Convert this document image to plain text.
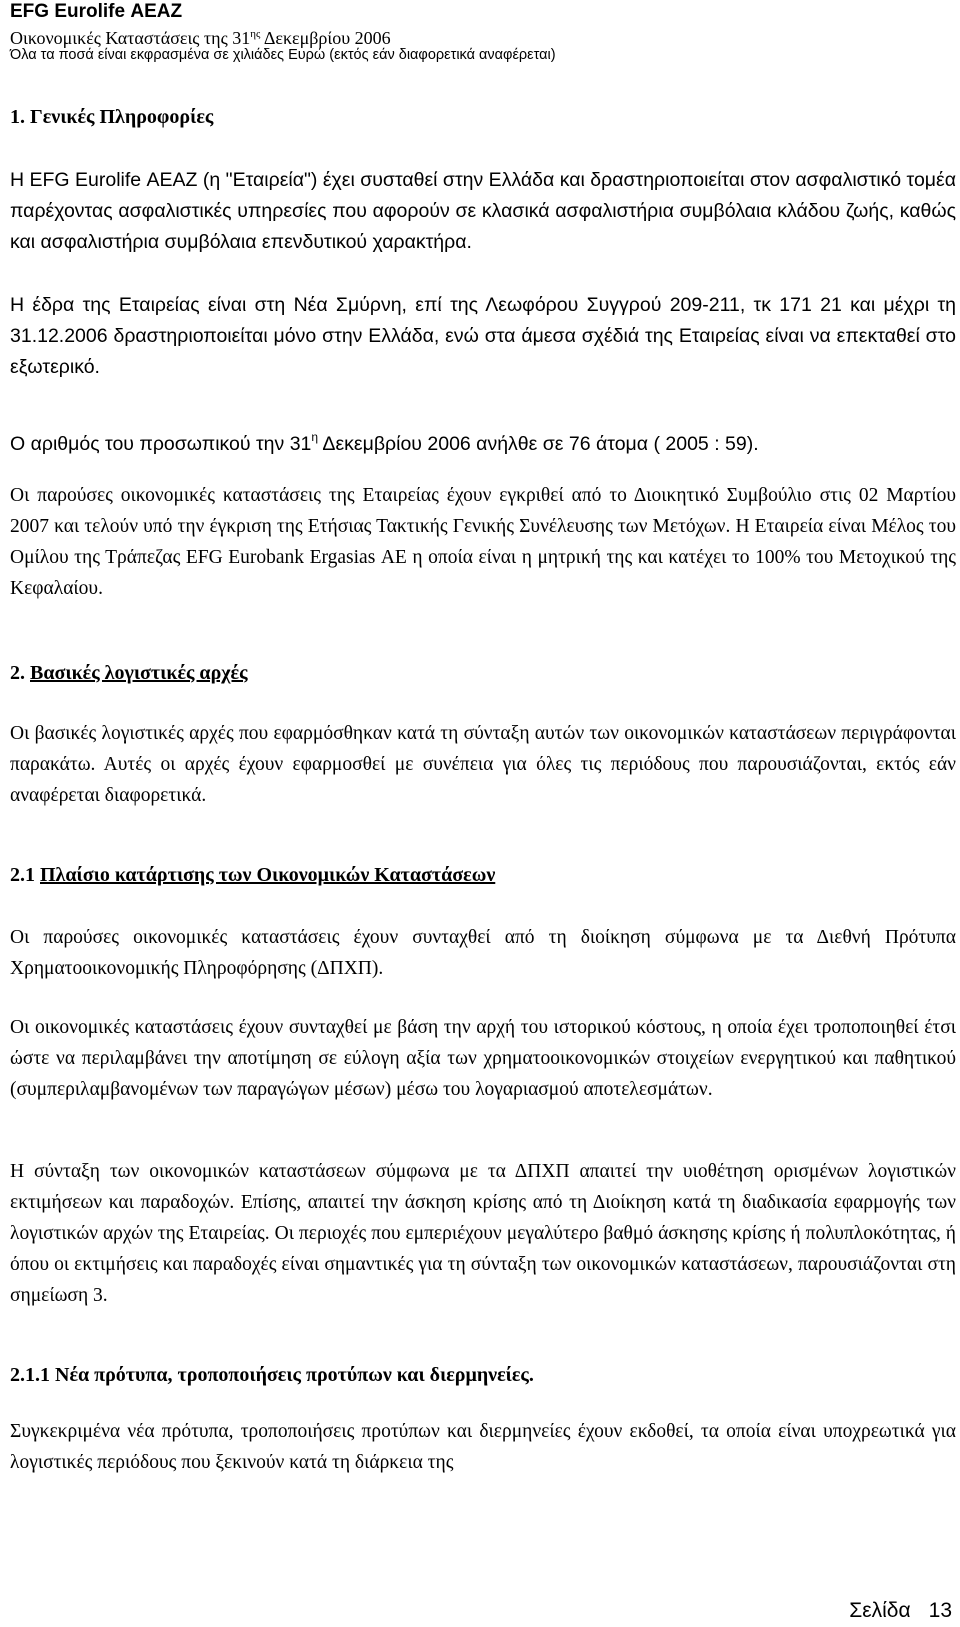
EFG Eurolife ΑΕΑΖ
Οικονομικές Καταστάσεις της $31^{\eta\varsigma}$ Δεκεμβρίου 2006
Όλα τα ποσά είναι εκφρασμένα σε χιλιάδες Ευρώ (εκτός εάν διαφορετικά αναφέρεται)
1. Γενικές Πληροφορίες
Η EFG Eurolife ΑΕΑΖ (η "Εταιρεία") έχει συσταθεί στην Ελλάδα και δραστηριοποιείται στον ασφαλιστικό τομέα παρέχοντας ασφαλιστικές υπηρεσίες που αφορούν σε κλασικά ασφαλιστήρια συμβόλαια κλάδου ζωής, καθώς και ασφαλιστήρια συμβόλαια επενδυτικού χαρακτήρα.
Η έδρα της Εταιρείας είναι στη Νέα Σμύρνη, επί της Λεωφόρου Συγγρού 209-211, τκ 171 21 και μέχρι τη 31.12.2006 δραστηριοποιείται μόνο στην Ελλάδα, ενώ στα άμεσα σχέδιά της Εταιρείας είναι να επεκταθεί στο εξωτερικό.
Ο αριθμός του προσωπικού την $31^\eta$ Δεκεμβρίου 2006 ανήλθε σε 76 άτομα ( 2005 : 59).
Οι παρούσες οικονομικές καταστάσεις της Εταιρείας έχουν εγκριθεί από το Διοικητικό Συμβούλιο στις 02 Μαρτίου 2007 και τελούν υπό την έγκριση της Ετήσιας Τακτικής Γενικής Συνέλευσης των Μετόχων. Η Εταιρεία είναι Μέλος του Ομίλου της Τράπεζας EFG Eurobank Ergasias ΑΕ η οποία είναι η μητρική της και κατέχει το 100% του Μετοχικού της Κεφαλαίου.
2. Βασικές λογιστικές αρχές
Οι βασικές λογιστικές αρχές που εφαρμόσθηκαν κατά τη σύνταξη αυτών των οικονομικών καταστάσεων περιγράφονται παρακάτω. Αυτές οι αρχές έχουν εφαρμοσθεί με συνέπεια για όλες τις περιόδους που παρουσιάζονται, εκτός εάν αναφέρεται διαφορετικά.
2.1 Πλαίσιο κατάρτισης των Οικονομικών Καταστάσεων
Οι παρούσες οικονομικές καταστάσεις έχουν συνταχθεί από τη διοίκηση σύμφωνα με τα Διεθνή Πρότυπα Χρηματοοικονομικής Πληροφόρησης (ΔΠΧΠ).
Οι οικονομικές καταστάσεις έχουν συνταχθεί με βάση την αρχή του ιστορικού κόστους, η οποία έχει τροποποιηθεί έτσι ώστε να περιλαμβάνει την αποτίμηση σε εύλογη αξία των χρηματοοικονομικών στοιχείων ενεργητικού και παθητικού (συμπεριλαμβανομένων των παραγώγων μέσων) μέσω του λογαριασμού αποτελεσμάτων.
Η σύνταξη των οικονομικών καταστάσεων σύμφωνα με τα ΔΠΧΠ απαιτεί την υιοθέτηση ορισμένων λογιστικών εκτιμήσεων και παραδοχών. Επίσης, απαιτεί την άσκηση κρίσης από τη Διοίκηση κατά τη διαδικασία εφαρμογής των λογιστικών αρχών της Εταιρείας. Οι περιοχές που εμπεριέχουν μεγαλύτερο βαθμό άσκησης κρίσης ή πολυπλοκότητας, ή όπου οι εκτιμήσεις και παραδοχές είναι σημαντικές για τη σύνταξη των οικονομικών καταστάσεων, παρουσιάζονται στη σημείωση 3.
2.1.1 Νέα πρότυπα, τροποποιήσεις προτύπων και διερμηνείες.
Συγκεκριμένα νέα πρότυπα, τροποποιήσεις προτύπων και διερμηνείες έχουν εκδοθεί, τα οποία είναι υποχρεωτικά για λογιστικές περιόδους που ξεκινούν κατά τη διάρκεια της
Σελίδα 13
